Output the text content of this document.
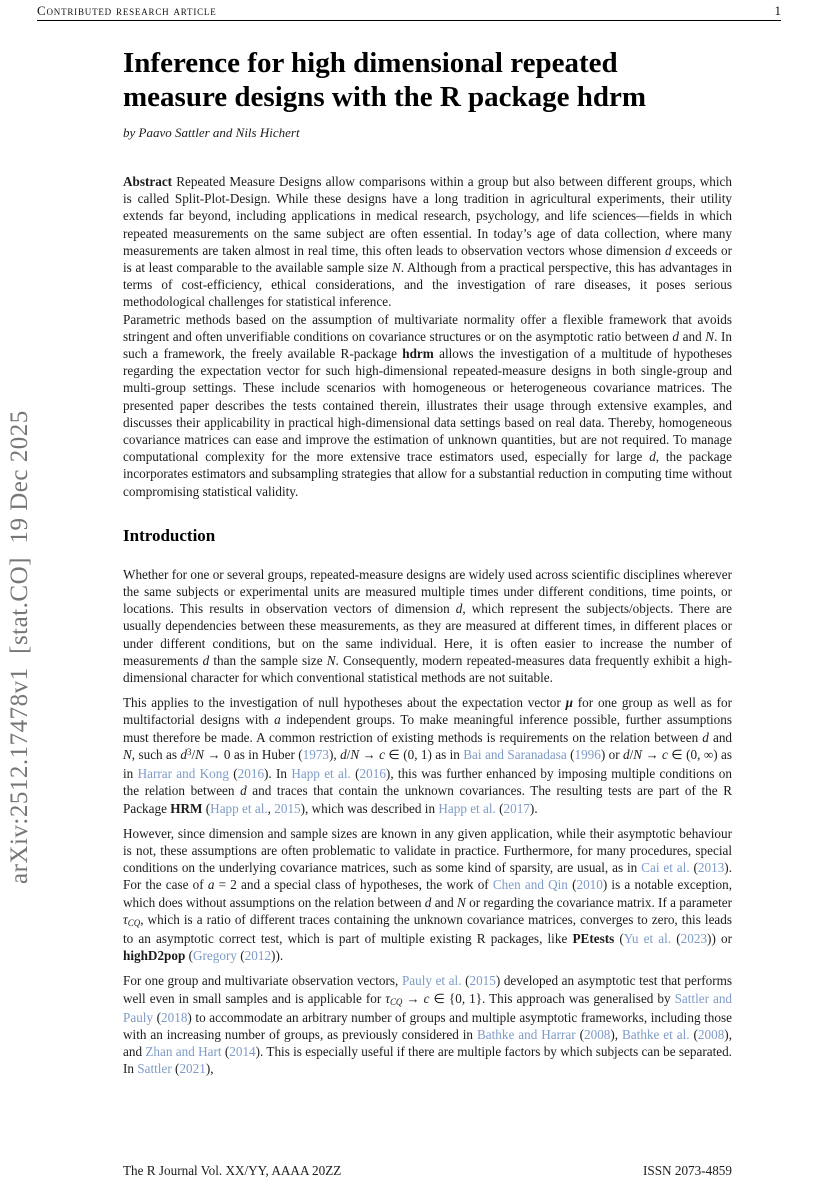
arXiv:2512.17478v1  [stat.CO]  19 Dec 2025
Contributed research article	1
Inference for high dimensional repeated
measure designs with the R package hdrm
by Paavo Sattler and Nils Hichert

Abstract Repeated Measure Designs allow comparisons within a group but also between different groups, which is called Split-Plot-Design. While these designs have a long tradition in agricultural experiments, their utility extends far beyond, including applications in medical research, psychology, and life sciences—fields in which repeated measurements on the same subject are often essential. In today’s age of data collection, where many measurements are taken almost in real time, this often leads to observation vectors whose dimension d exceeds or is at least comparable to the available sample size N. Although from a practical perspective, this has advantages in terms of cost-efficiency, ethical considerations, and the investigation of rare diseases, it poses serious methodological challenges for statistical inference.

Parametric methods based on the assumption of multivariate normality offer a flexible framework that avoids stringent and often unverifiable conditions on covariance structures or on the asymptotic ratio between d and N. In such a framework, the freely available R-package hdrm allows the investigation of a multitude of hypotheses regarding the expectation vector for such high-dimensional repeated-measure designs in both single-group and multi-group settings. These include scenarios with homogeneous or heterogeneous covariance matrices. The presented paper describes the tests contained therein, illustrates their usage through extensive examples, and discusses their applicability in practical high-dimensional data settings based on real data. Thereby, homogeneous covariance matrices can ease and improve the estimation of unknown quantities, but are not required. To manage computational complexity for the more extensive trace estimators used, especially for large d, the package incorporates estimators and subsampling strategies that allow for a substantial reduction in computing time without compromising statistical validity.

Introduction

Whether for one or several groups, repeated-measure designs are widely used across scientific disciplines wherever the same subjects or experimental units are measured multiple times under different conditions, time points, or locations. This results in observation vectors of dimension d, which represent the subjects/objects. There are usually dependencies between these measurements, as they are measured at different times, in different places or under different conditions, but on the same individual. Here, it is often easier to increase the number of measurements d than the sample size N. Consequently, modern repeated-measures data frequently exhibit a high-dimensional character for which conventional statistical methods are not suitable.

This applies to the investigation of null hypotheses about the expectation vector μ for one group as well as for multifactorial designs with a independent groups. To make meaningful inference possible, further assumptions must therefore be made. A common restriction of existing methods is requirements on the relation between d and N, such as $d^3/N \to 0$ as in Huber (1973), d/N → c ∈ (0, 1) as in Bai and Saranadasa (1996) or d/N → c ∈ (0, ∞) as in Harrar and Kong (2016). In Happ et al. (2016), this was further enhanced by imposing multiple conditions on the relation between d and traces that contain the unknown covariances. The resulting tests are part of the R Package HRM (Happ et al., 2015), which was described in Happ et al. (2017).

However, since dimension and sample sizes are known in any given application, while their asymptotic behaviour is not, these assumptions are often problematic to validate in practice. Furthermore, for many procedures, special conditions on the underlying covariance matrices, such as some kind of sparsity, are usual, as in Cai et al. (2013). For the case of a = 2 and a special class of hypotheses, the work of Chen and Qin (2010) is a notable exception, which does without assumptions on the relation between d and N or regarding the covariance matrix. If a parameter τCQ, which is a ratio of different traces containing the unknown covariance matrices, converges to zero, this leads to an asymptotic correct test, which is part of multiple existing R packages, like PEtests (Yu et al. (2023)) or highD2pop (Gregory (2012)).

For one group and multivariate observation vectors, Pauly et al. (2015) developed an asymptotic test that performs well even in small samples and is applicable for τCQ → c ∈ {0, 1}. This approach was generalised by Sattler and Pauly (2018) to accommodate an arbitrary number of groups and multiple asymptotic frameworks, including those with an increasing number of groups, as previously considered in Bathke and Harrar (2008), Bathke et al. (2008), and Zhan and Hart (2014). This is especially useful if there are multiple factors by which subjects can be separated. In Sattler (2021),

The R Journal Vol. XX/YY, AAAA 20ZZ	ISSN 2073-4859
